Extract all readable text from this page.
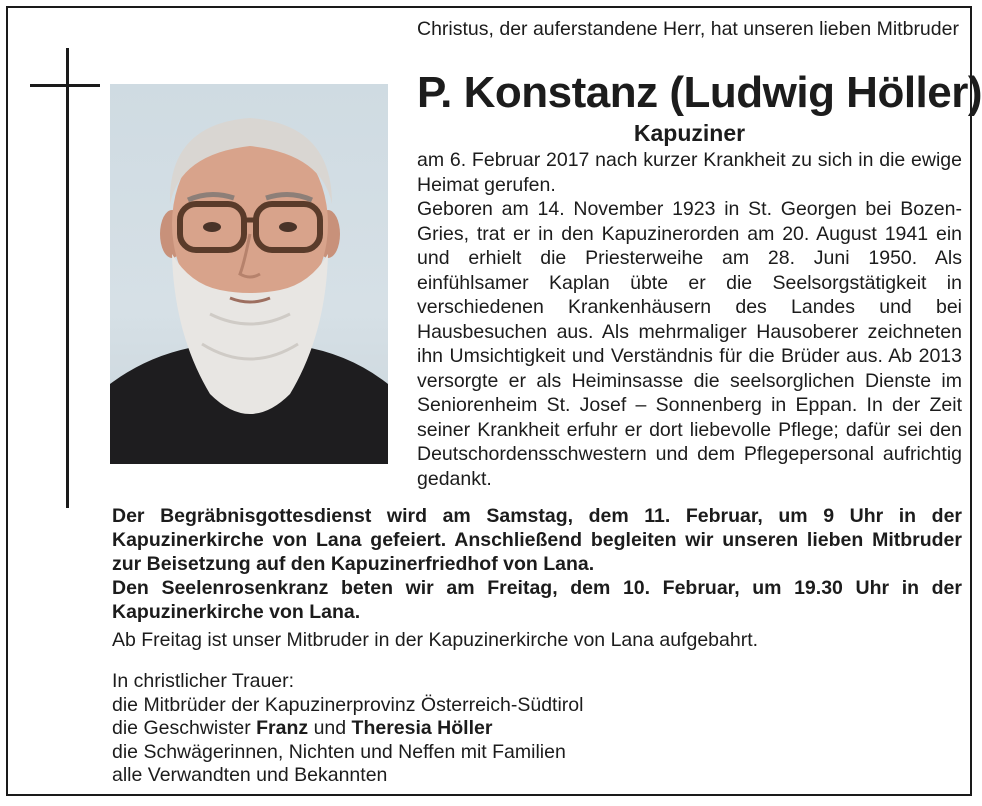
Christus, der auferstandene Herr, hat unseren lieben Mitbruder
P. Konstanz (Ludwig Höller)
Kapuziner

am 6. Februar 2017 nach kurzer Krankheit zu sich in die ewige Heimat gerufen.

Geboren am 14. November 1923 in St. Georgen bei Bozen-Gries, trat er in den Kapuzinerorden am 20. August 1941 ein und erhielt die Priesterweihe am 28. Juni 1950. Als einfühlsamer Kaplan übte er die Seelsorgstätigkeit in verschiedenen Krankenhäusern des Landes und bei Hausbesuchen aus. Als mehrmaliger Hausoberer zeichneten ihn Umsichtigkeit und Verständnis für die Brüder aus. Ab 2013 versorgte er als Heiminsasse die seelsorglichen Dienste im Seniorenheim St. Josef – Sonnenberg in Eppan. In der Zeit seiner Krankheit erfuhr er dort liebevolle Pflege; dafür sei den Deutschordensschwestern und dem Pflegepersonal aufrichtig gedankt.

Der Begräbnisgottesdienst wird am Samstag, dem 11. Februar, um 9 Uhr in der Kapuzinerkirche von Lana gefeiert. Anschließend begleiten wir unseren lieben Mitbruder zur Beisetzung auf den Kapuzinerfriedhof von Lana.

Den Seelenrosenkranz beten wir am Freitag, dem 10. Februar, um 19.30 Uhr in der Kapuzinerkirche von Lana.

Ab Freitag ist unser Mitbruder in der Kapuzinerkirche von Lana aufgebahrt.
In christlicher Trauer:
die Mitbrüder der Kapuzinerprovinz Österreich-Südtirol
die Geschwister Franz und Theresia Höller
die Schwägerinnen, Nichten und Neffen mit Familien
alle Verwandten und Bekannten
